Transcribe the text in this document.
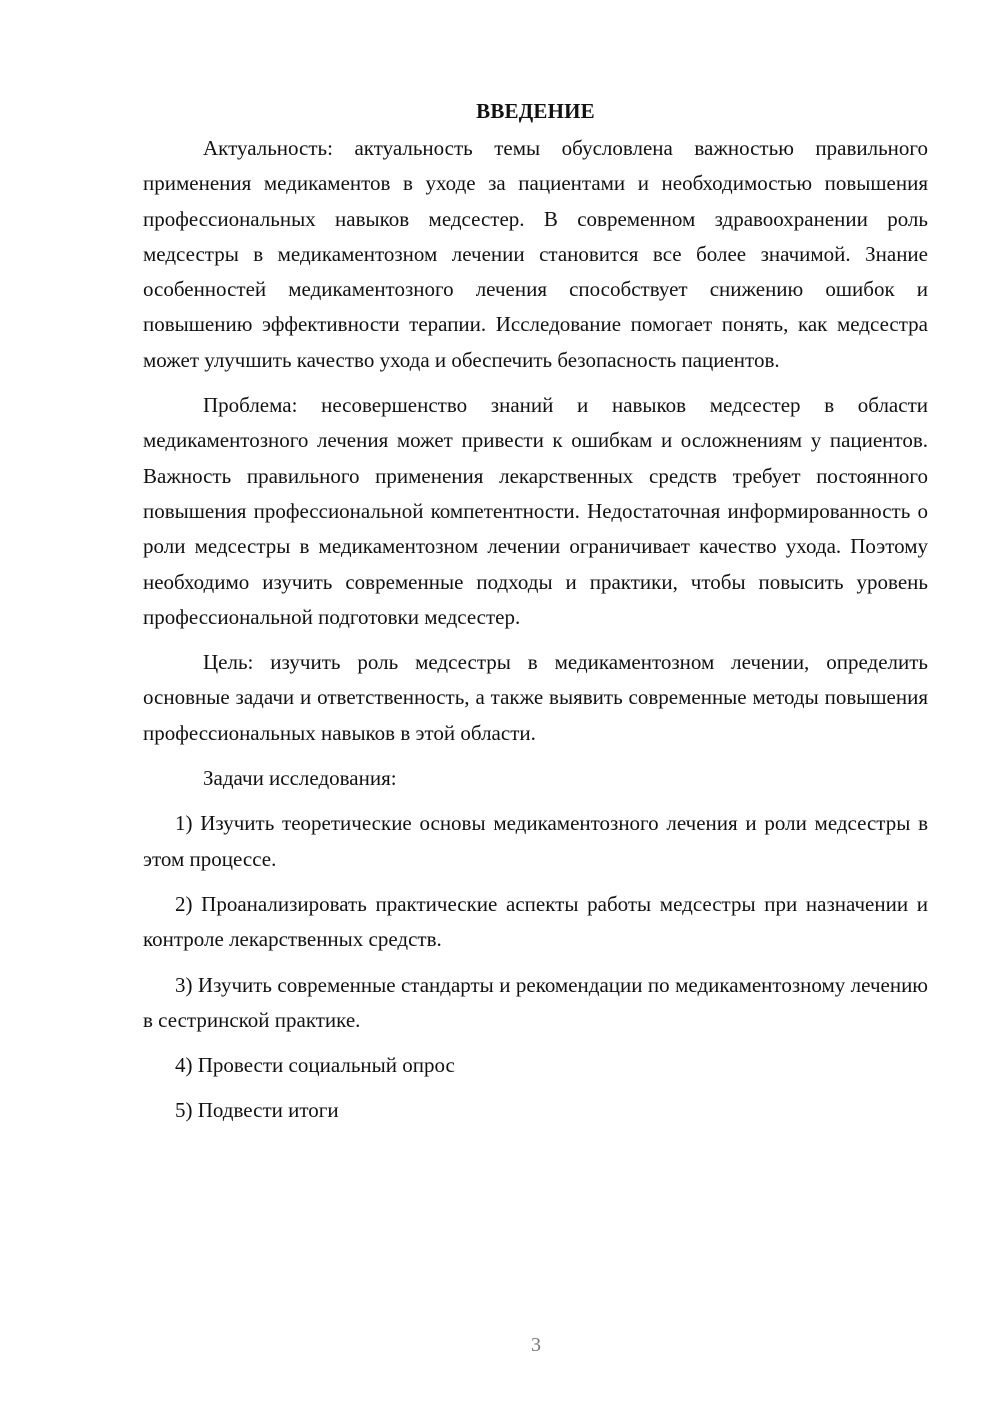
ВВЕДЕНИЕ

Актуальность: актуальность темы обусловлена важностью правильного применения медикаментов в уходе за пациентами и необходимостью повышения профессиональных навыков медсестер. В современном здравоохранении роль медсестры в медикаментозном лечении становится все более значимой. Знание особенностей медикаментозного лечения способствует снижению ошибок и повышению эффективности терапии. Исследование помогает понять, как медсестра может улучшить качество ухода и обеспечить безопасность пациентов.

Проблема: несовершенство знаний и навыков медсестер в области медикаментозного лечения может привести к ошибкам и осложнениям у пациентов. Важность правильного применения лекарственных средств требует постоянного повышения профессиональной компетентности. Недостаточная информированность о роли медсестры в медикаментозном лечении ограничивает качество ухода. Поэтому необходимо изучить современные подходы и практики, чтобы повысить уровень профессиональной подготовки медсестер.

Цель: изучить роль медсестры в медикаментозном лечении, определить основные задачи и ответственность, а также выявить современные методы повышения профессиональных навыков в этой области.

Задачи исследования:

1) Изучить теоретические основы медикаментозного лечения и роли медсестры в этом процессе.

2) Проанализировать практические аспекты работы медсестры при назначении и контроле лекарственных средств.

3) Изучить современные стандарты и рекомендации по медикаментозному лечению в сестринской практике.

4) Провести социальный опрос

5) Подвести итоги

3
